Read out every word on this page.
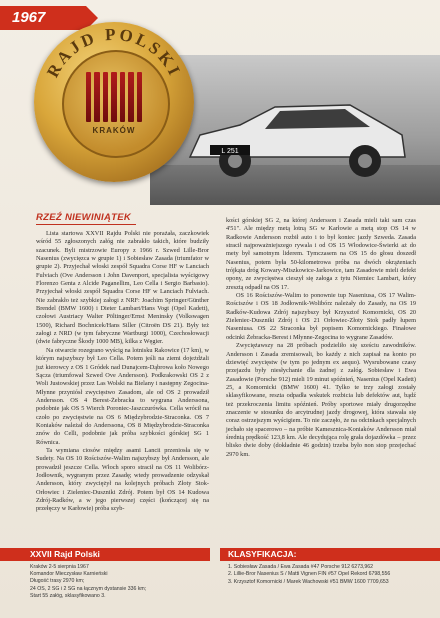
1967
L 251
RAJD POLSKI
KRAKÓW
RZEŹ NIEWINIĄTEK

Lista startowa XXVII Rajdu Polski nie porażała, zaczkowiek wśród 55 zgłoszonych załóg nie zabrakło takich, które budziły szacunek. Byli mistrzowie Europy z 1966 r. Szwed Lille-Bror Nasenius (zwycięzca w grupie 1) i Sobiesław Zasada (triumfator w grupie 2). Przyjechał włoski zespół Squadra Corse HF w Lanciach Fulviach (Ove Andersson i John Davenport, specjalista wyścigowy Florenzo Genta z Alcide Paganellim, Leo Cella i Sergio Barbasio). Przyjechał włoski zespół Squadra Corse HF w Lanciach Fulviach. Nie zabrakło też szybkiej załogi z NRF: Joachim Springer/Günther Brendel (BMW 1600) i Dieter Lambart/Hans Vogt (Opel Kadett), czołowi Austriacy Walter Pöltinger/Ernst Meninsky (Volkswagen 1500), Richard Bochnicek/Hans Siller (Citroën DS 21). Były też załogi z NRD (w tym fabryczne Wartburgi 1000), Czechosłowacji (dwie fabryczne Škody 1000 MB), kilka z Węgier.

Na otwarcie rozegrano wyścig na lotnisku Rakowice (17 km), w którym najszybszy był Leo Cella. Potem jeśli na ziemi dojeżdżali już kierowcy z OS 1 Gródek nad Dunajcem-Dąbrowa koło Nowego Sącza (triumfował Szwed Ove Andersson). Podkrakowski OS 2 z Woli Justowskiej przez Las Wolski na Bielany i następny Zegocina-Młynne przyniósł zwycięstwo Zasadom, ale od OS 2 prowadził Andersson. OS 4 Berest-Żebracka to wygrana Anderssona, podobnie jak OS 5 Wierch Poroniec-Jaszczurówka. Cella wrócił na czoło po zwycięstwie na OS 6 Międzybrodzie-Straconka. OS 7 Koniaków należał do Anderssona, OS 8 Międzybrodzie-Straconka znów do Celli, podobnie jak próba szybkości górskiej SG 1 Równica.

Ta wymiana ciosów między asami Lancii przeniosła się w Sudety. Na OS 10 Rościszów-Walim najszybszy był Andersson, ale prowadził jeszcze Cella. Włoch sporo stracił na OS 11 Wolibórz-Jodłownik, wygranym przez Zasadę; wtedy prowadzenie odzyskał Andersson, który zwyciężył na kolejnych próbach Złoty Stok-Orłowiec i Zieleniec-Duszniki Zdrój. Potem był OS 14 Kudowa Zdrój-Radków, a w jego pierwszej części (kończącej się na przełęczy w Karłowie) próba szyb-

kości górskiej SG 2, na której Andersson i Zasada mieli taki sam czas 4'51". Ale między metą lotną SG w Karłowie a metą stop OS 14 w Radkowie Andersson rozbił auto i to był koniec jazdy Szweda. Zasada stracił najpoważniejszego rywala i od OS 15 Włodowice-Świerki aż do mety był samotnym liderem. Tymczasem na OS 15 do głosu doszedł Nasenius, potem była 50-kilometrowa próba na dwóch okrążeniach trójkąta dróg Kowary-Miszkowice-Jarkowice, tam Zasadowie mieli defekt opony, ze zwycięstwa cieszył się załoga z tytu Niemiec Lambart, który zresztą odpadł na OS 17.

OS 16 Rościszów-Walim to ponownie tup Naseniusa, OS 17 Walim-Rościszów i OS 18 Jodłownik-Wolibórz należały do Zasady, na OS 19 Radków-Kudowa Zdrój najszybszy był Krzysztof Komornicki, OS 20 Zieleniec-Duszniki Zdrój i OS 21 Orłowiec-Złoty Stok padły łupem Naseniusa. OS 22 Straconka był popisem Komornickiego. Finałowe odcinki Żebracka-Berest i Młynne-Zegocina to wygrane Zasadów.

Zwyciężawszy na 28 próbach podzieliło się sześciu zawodników. Andersson i Zasada zremisowali, bo każdy z nich zapisał na konto po dziewięć zwycięstw (w tym po jednym ex aequo). Wysrubowane czasy przejazdu były niesłychanie dla żadnej z załóg. Sobiesław i Ewa Zasadowie (Porsche 912) mieli 19 minut spóźnień, Nasenius (Opel Kadett) 25, a Komornicki (BMW 1600) 41. Tylko te trzy załogi zostały sklasyfikowane, reszta odpadła wskutek rozbicia lub defektów aut, bądź też przekroczenia limitu spóźnień. Próby sportowe miały drugorzędne znaczenie w stosunku do arcytrudnej jazdy drogowej, która stawała się coraz ostrzejszym wyścigiem. To nie zaczęło, że na odcinkach specjalnych jechało się spacerowo – na próbie Kamesznica-Koniaków Andersson miał średnią prędkość 123,8 km. Ale decydująca rolę grała dojazdówka – przez blisko dwie doby (dokładnie 46 godzin) trzeba było non stop przejechać 2970 km.

XXVII Rajd Polski
Kraków 2-5 sierpnia 1967
Komandor Mieczysław Karnieński
Długość trasy 2970 km;
24 OS, 2 SG i 2 SG na łącznym dystansie 336 km;
Start 55 załóg, sklasyfikowano 3.
KLASYFIKACJA:
1. Sobiesław Zasada / Ewa Zasada #47 Porsche 912 6273,962
2. Lillie-Bror Nasenius S / Matti Vignen FIN #57 Opel Rekord 6798,556
3. Krzysztof Komornicki / Marek Wachowski #51 BMW 1600 7709,653
